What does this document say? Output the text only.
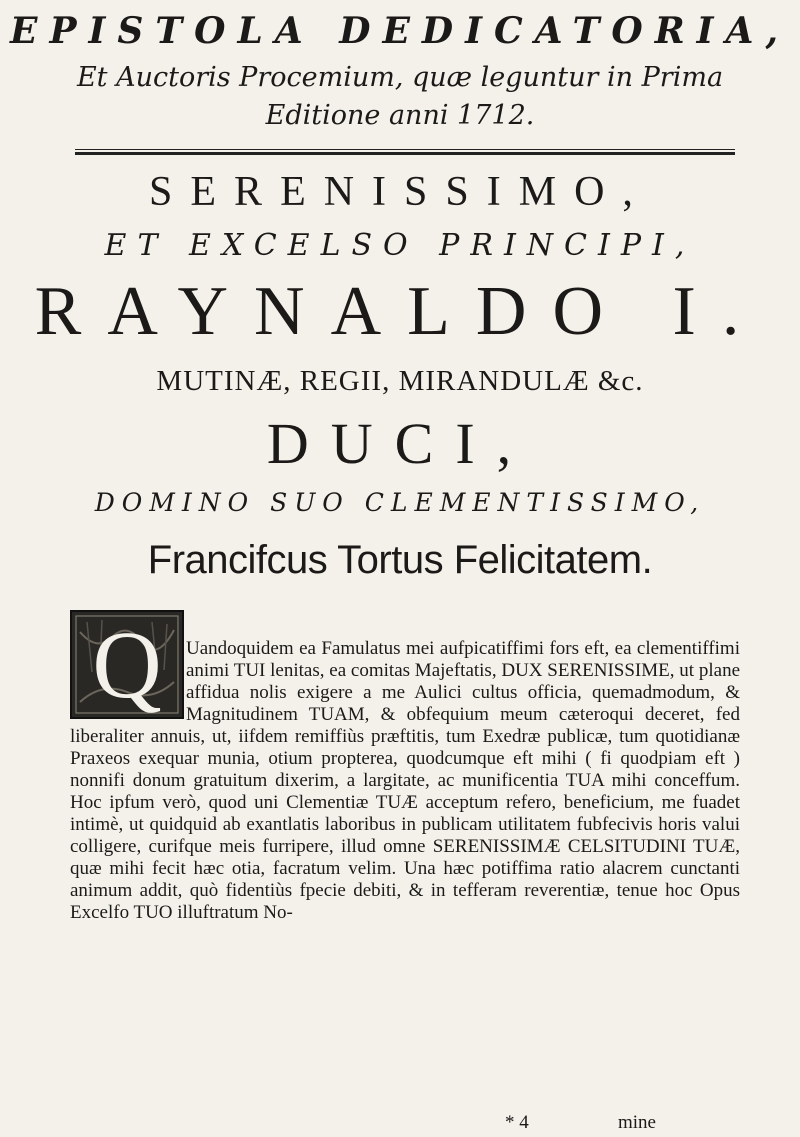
EPISTOLA DEDICATORIA,
Et Auctoris Procemium, quæ leguntur in Prima
Editione anni 1712.
SERENISSIMO,
ET EXCELSO PRINCIPI,
RAYNALDO I.
MUTINÆ, REGII, MIRANDULÆ &c.
DUCI,
DOMINO SUO CLEMENTISSIMO,
Francifcus Tortus Felicitatem.
Uandoquidem ea Famulatus mei aufpicatiffimi fors eft, ea clementiffimi animi TUI lenitas, ea comitas Majeftatis, DUX SERENISSIME, ut plane affidua nolis exigere a me Aulici cultus officia, quemadmodum, & Magnitudinem TUAM, & obfequium meum cæteroqui deceret, fed liberaliter annuis, ut, iifdem remiffiùs præftitis, tum Exedræ publicæ, tum quotidianæ Praxeos exequar munia, otium propterea, quodcumque eft mihi ( fi quodpiam eft ) nonnifi donum gratuitum dixerim, a largitate, ac munificentia TUA mihi conceffum. Hoc ipfum verò, quod uni Clementiæ TUÆ acceptum refero, beneficium, me fuadet intimè, ut quidquid ab exantlatis laboribus in publicam utilitatem fubfecivis horis valui colligere, curifque meis furripere, illud omne SERENISSIMÆ CELSITUDINI TUÆ, quæ mihi fecit hæc otia, facratum velim. Una hæc potiffima ratio alacrem cunctanti animum addit, quò fidentiùs fpecie debiti, & in tefferam reverentiæ, tenue hoc Opus Excelfo TUO illuftratum No-
Q
* 4	mine
